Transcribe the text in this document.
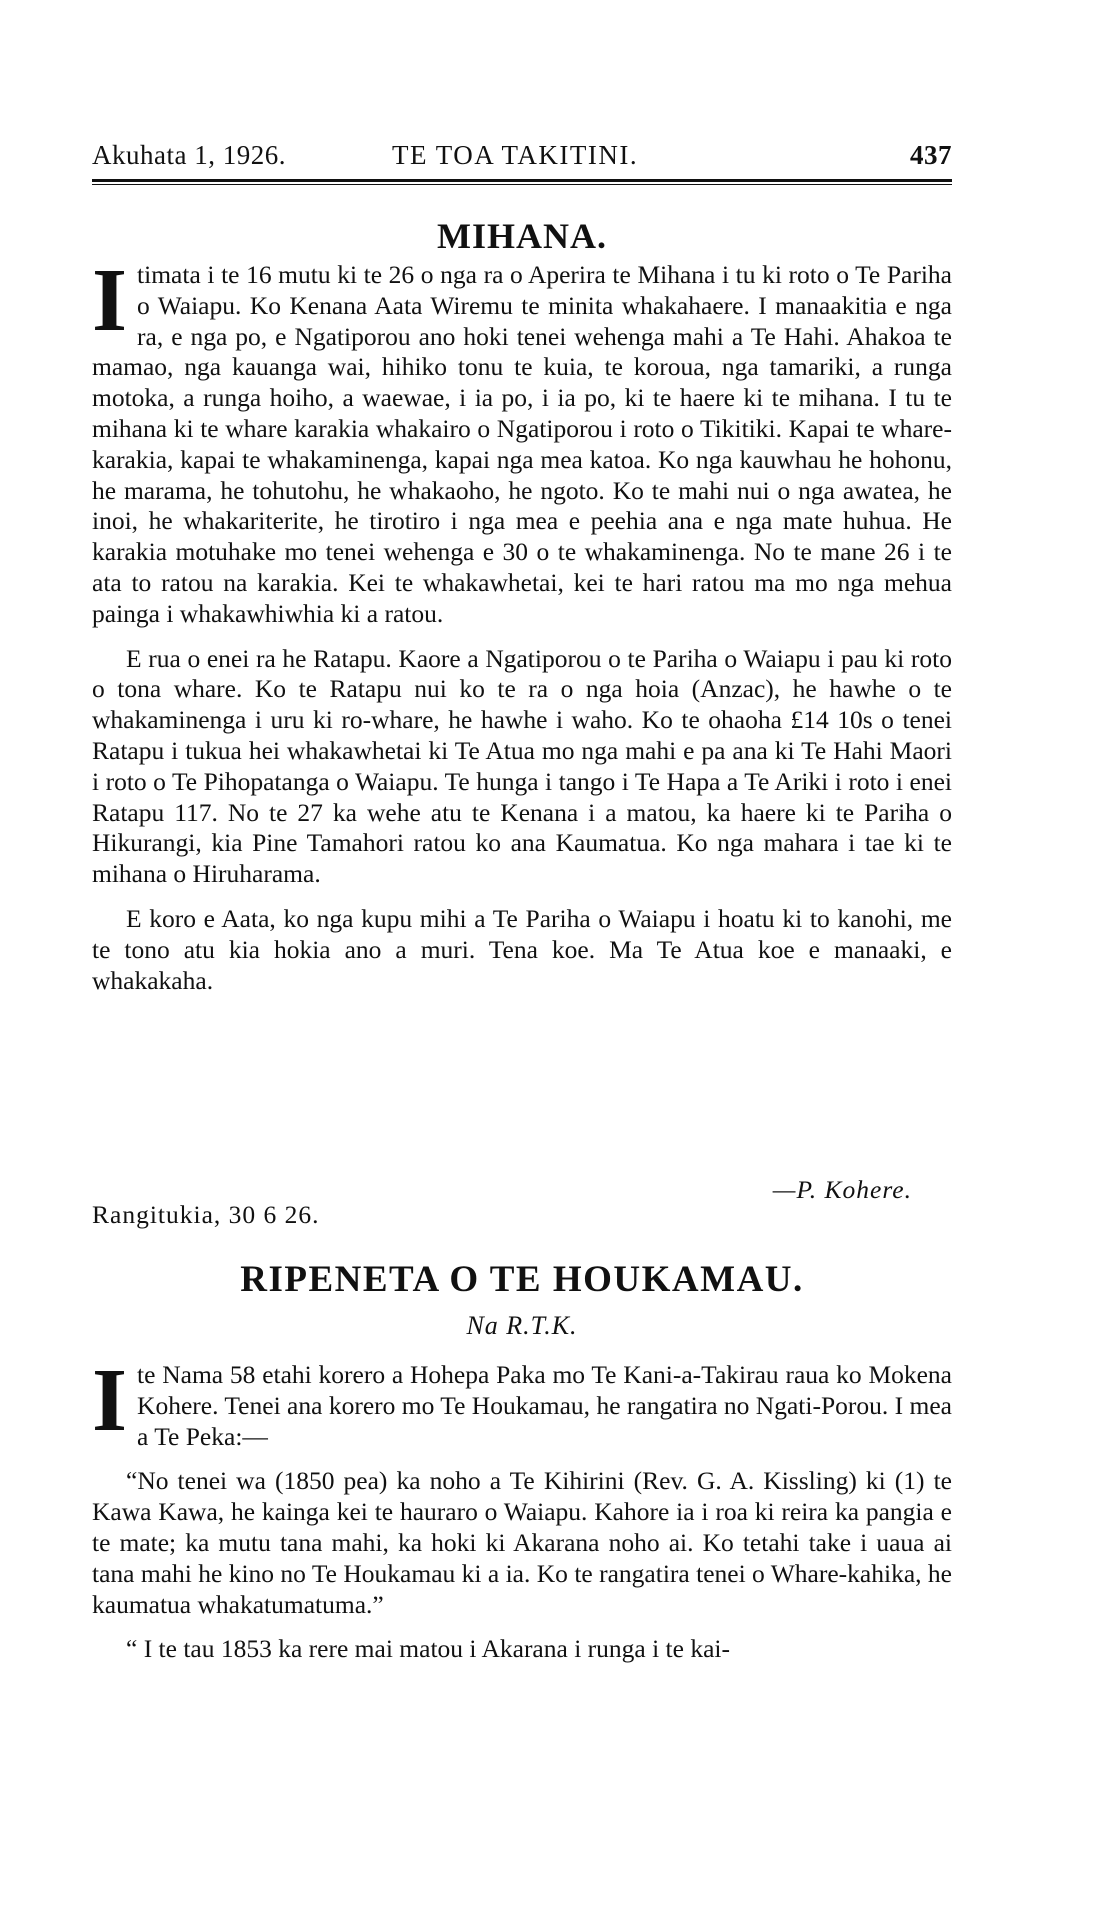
Akuhata 1, 1926.	TE TOA TAKITINI.	437
MIHANA.

Itimata i te 16 mutu ki te 26 o nga ra o Aperira te Mihana i tu ki roto o Te Pariha o Waiapu. Ko Kenana Aata Wiremu te minita whakahaere. I manaakitia e nga ra, e nga po, e Ngatiporou ano hoki tenei wehenga mahi a Te Hahi. Ahakoa te mamao, nga kauanga wai, hihiko tonu te kuia, te koroua, nga tamariki, a runga motoka, a runga hoiho, a waewae, i ia po, i ia po, ki te haere ki te mihana. I tu te mihana ki te whare karakia whakairo o Ngatiporou i roto o Tikitiki. Kapai te whare-karakia, kapai te whakaminenga, kapai nga mea katoa. Ko nga kauwhau he hohonu, he marama, he tohutohu, he whakaoho, he ngoto. Ko te mahi nui o nga awatea, he inoi, he whakariterite, he tirotiro i nga mea e peehia ana e nga mate huhua. He karakia motuhake mo tenei wehenga e 30 o te whakaminenga. No te mane 26 i te ata to ratou na karakia. Kei te whakawhetai, kei te hari ratou ma mo nga mehua painga i whakawhiwhia ki a ratou.

E rua o enei ra he Ratapu. Kaore a Ngatiporou o te Pariha o Waiapu i pau ki roto o tona whare. Ko te Ratapu nui ko te ra o nga hoia (Anzac), he hawhe o te whakaminenga i uru ki ro-whare, he hawhe i waho. Ko te ohaoha £14 10s o tenei Ratapu i tukua hei whakawhetai ki Te Atua mo nga mahi e pa ana ki Te Hahi Maori i roto o Te Pihopatanga o Waiapu. Te hunga i tango i Te Hapa a Te Ariki i roto i enei Ratapu 117. No te 27 ka wehe atu te Kenana i a matou, ka haere ki te Pariha o Hikurangi, kia Pine Tamahori ratou ko ana Kaumatua. Ko nga mahara i tae ki te mihana o Hiruharama.

E koro e Aata, ko nga kupu mihi a Te Pariha o Waiapu i hoatu ki to kanohi, me te tono atu kia hokia ano a muri. Tena koe. Ma Te Atua koe e manaaki, e whakakaha.

—P. Kohere.
Rangitukia, 30 6 26.
RIPENETA O TE HOUKAMAU.
Na R.T.K.

Ite Nama 58 etahi korero a Hohepa Paka mo Te Kani-a-Takirau raua ko Mokena Kohere. Tenei ana korero mo Te Houkamau, he rangatira no Ngati-Porou. I mea a Te Peka:—

“No tenei wa (1850 pea) ka noho a Te Kihirini (Rev. G. A. Kissling) ki (1) te Kawa Kawa, he kainga kei te hauraro o Waiapu. Kahore ia i roa ki reira ka pangia e te mate; ka mutu tana mahi, ka hoki ki Akarana noho ai. Ko tetahi take i uaua ai tana mahi he kino no Te Houkamau ki a ia. Ko te rangatira tenei o Whare-kahika, he kaumatua whakatumatuma.”

“ I te tau 1853 ka rere mai matou i Akarana i runga i te kai-
